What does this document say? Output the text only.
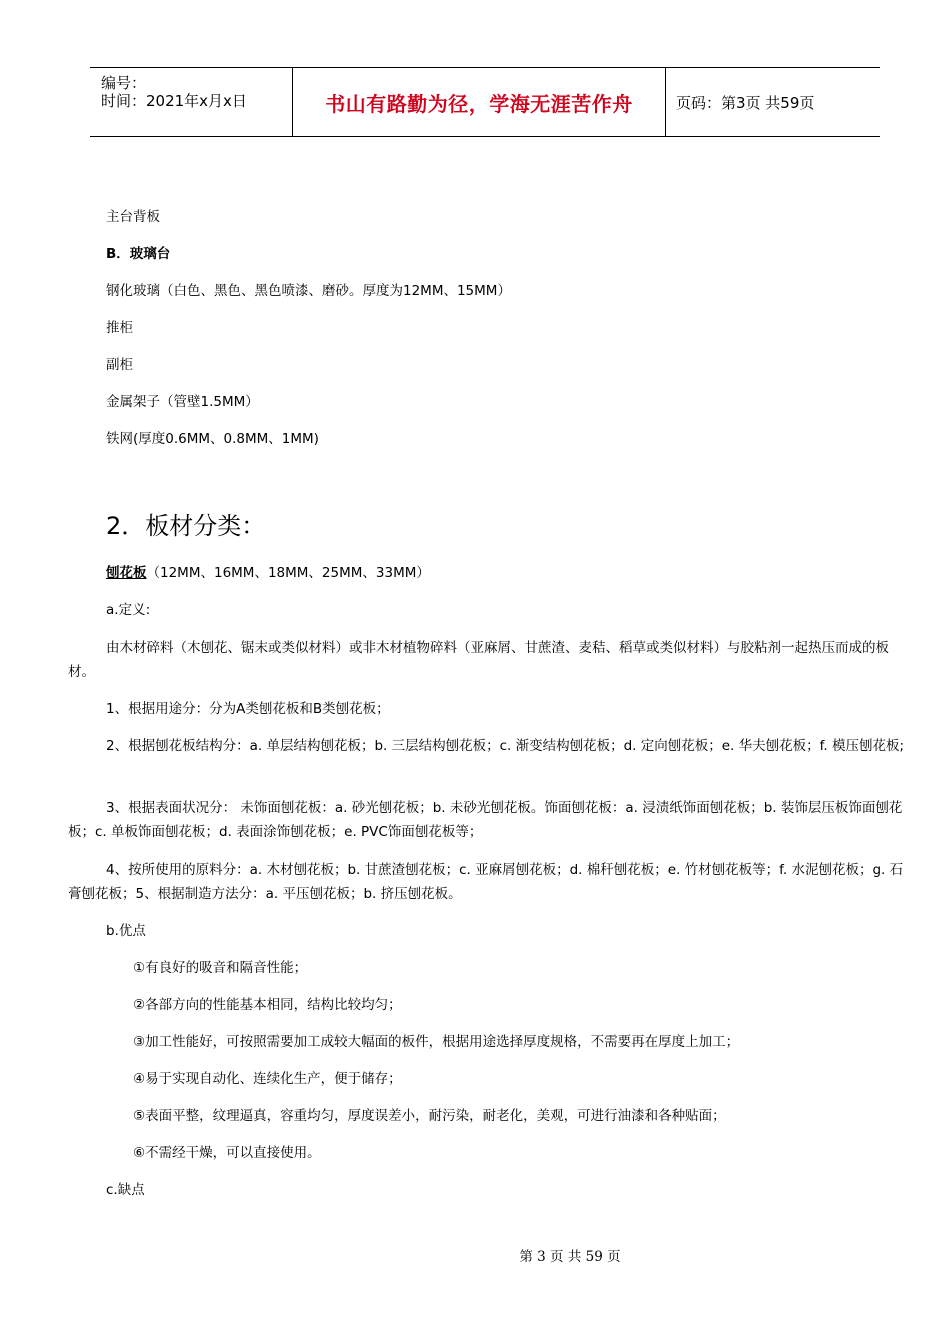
编号：
时间：2021年x月x日	书山有路勤为径，学海无涯苦作舟	页码：第3页 共59页
主台背板
B．玻璃台
钢化玻璃（白色、黑色、黑色喷漆、磨砂。厚度为12MM、15MM）
推柜
副柜
金属架子（管壁1.5MM）
铁网(厚度0.6MM、0.8MM、1MM)
2．板材分类：
刨花板（12MM、16MM、18MM、25MM、33MM）
a.定义:
由木材碎料（木刨花、锯末或类似材料）或非木材植物碎料（亚麻屑、甘蔗渣、麦秸、稻草或类似材料）与胶粘剂一起热压而成的板材。
1、根据用途分：分为A类刨花板和B类刨花板；
2、根据刨花板结构分：a. 单层结构刨花板；b. 三层结构刨花板；c. 渐变结构刨花板；d. 定向刨花板；e. 华夫刨花板；f. 模压刨花板;
3、根据表面状况分： 未饰面刨花板：a. 砂光刨花板；b. 未砂光刨花板。饰面刨花板：a. 浸渍纸饰面刨花板；b. 装饰层压板饰面刨花板；c. 单板饰面刨花板；d. 表面涂饰刨花板；e. PVC饰面刨花板等；
4、按所使用的原料分：a. 木材刨花板；b. 甘蔗渣刨花板；c. 亚麻屑刨花板；d. 棉秆刨花板；e. 竹材刨花板等；f. 水泥刨花板；g. 石膏刨花板；5、根据制造方法分：a. 平压刨花板；b. 挤压刨花板。
b.优点
①有良好的吸音和隔音性能；
②各部方向的性能基本相同，结构比较均匀；
③加工性能好，可按照需要加工成较大幅面的板件，根据用途选择厚度规格，不需要再在厚度上加工；
④易于实现自动化、连续化生产，便于储存；
⑤表面平整，纹理逼真，容重均匀，厚度误差小，耐污染，耐老化，美观，可进行油漆和各种贴面；
⑥不需经干燥，可以直接使用。
c.缺点
第 3 页 共 59 页
